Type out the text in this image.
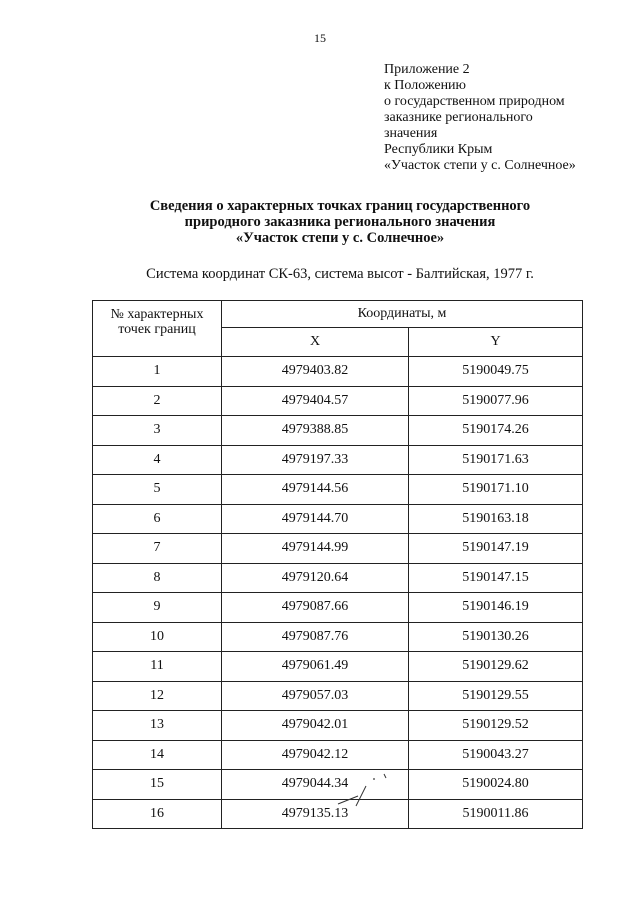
15
Приложение 2
к Положению
о государственном природном
заказнике регионального
значения
Республики Крым
«Участок степи у с. Солнечное»
Сведения о характерных точках границ государственного
природного заказника регионального значения
«Участок степи у с. Солнечное»
Система координат СК-63, система высот - Балтийская, 1977 г.
№ характерных точек границ	Координаты, м	
	X	Y
1	4979403.82	5190049.75
2	4979404.57	5190077.96
3	4979388.85	5190174.26
4	4979197.33	5190171.63
5	4979144.56	5190171.10
6	4979144.70	5190163.18
7	4979144.99	5190147.19
8	4979120.64	5190147.15
9	4979087.66	5190146.19
10	4979087.76	5190130.26
11	4979061.49	5190129.62
12	4979057.03	5190129.55
13	4979042.01	5190129.52
14	4979042.12	5190043.27
15	4979044.34	5190024.80
16	4979135.13	5190011.86
